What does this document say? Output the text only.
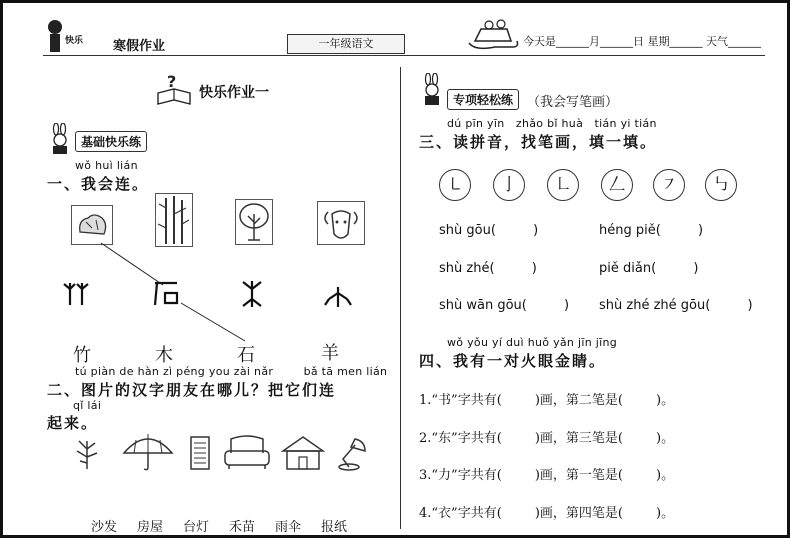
快乐 寒假作业	一年级语文	今天是______月______日 星期______ 天气______
?
快乐作业一
基础快乐练
wǒ huì lián
一、我会连。
竹	木	石	羊
tú piàn de hàn zì péng you zài nǎr        bǎ tā men lián
二、图片的汉字朋友在哪儿？把它们连
qǐ lái
起来。
沙发 房屋 台灯 禾苗 雨伞 报纸
专项轻松练	（我会写笔画）
dú pīn yīn   zhǎo bǐ huà   tián yi tián
三、读拼音，找笔画，填一填。
㇄	亅	㇗	𠃋	㇇	㇉
shù gōu(         )	héng piě(         )
shù zhé(         )	piě diǎn(         )
shù wān gōu(         ) shù zhé zhé gōu(         )
wǒ yǒu yí duì huǒ yǎn jīn jīng
四、我有一对火眼金睛。
1.“书”字共有(        )画，第二笔是(        )。
2.“东”字共有(        )画，第三笔是(        )。
3.“力”字共有(        )画，第一笔是(        )。
4.“衣”字共有(        )画，第四笔是(        )。
